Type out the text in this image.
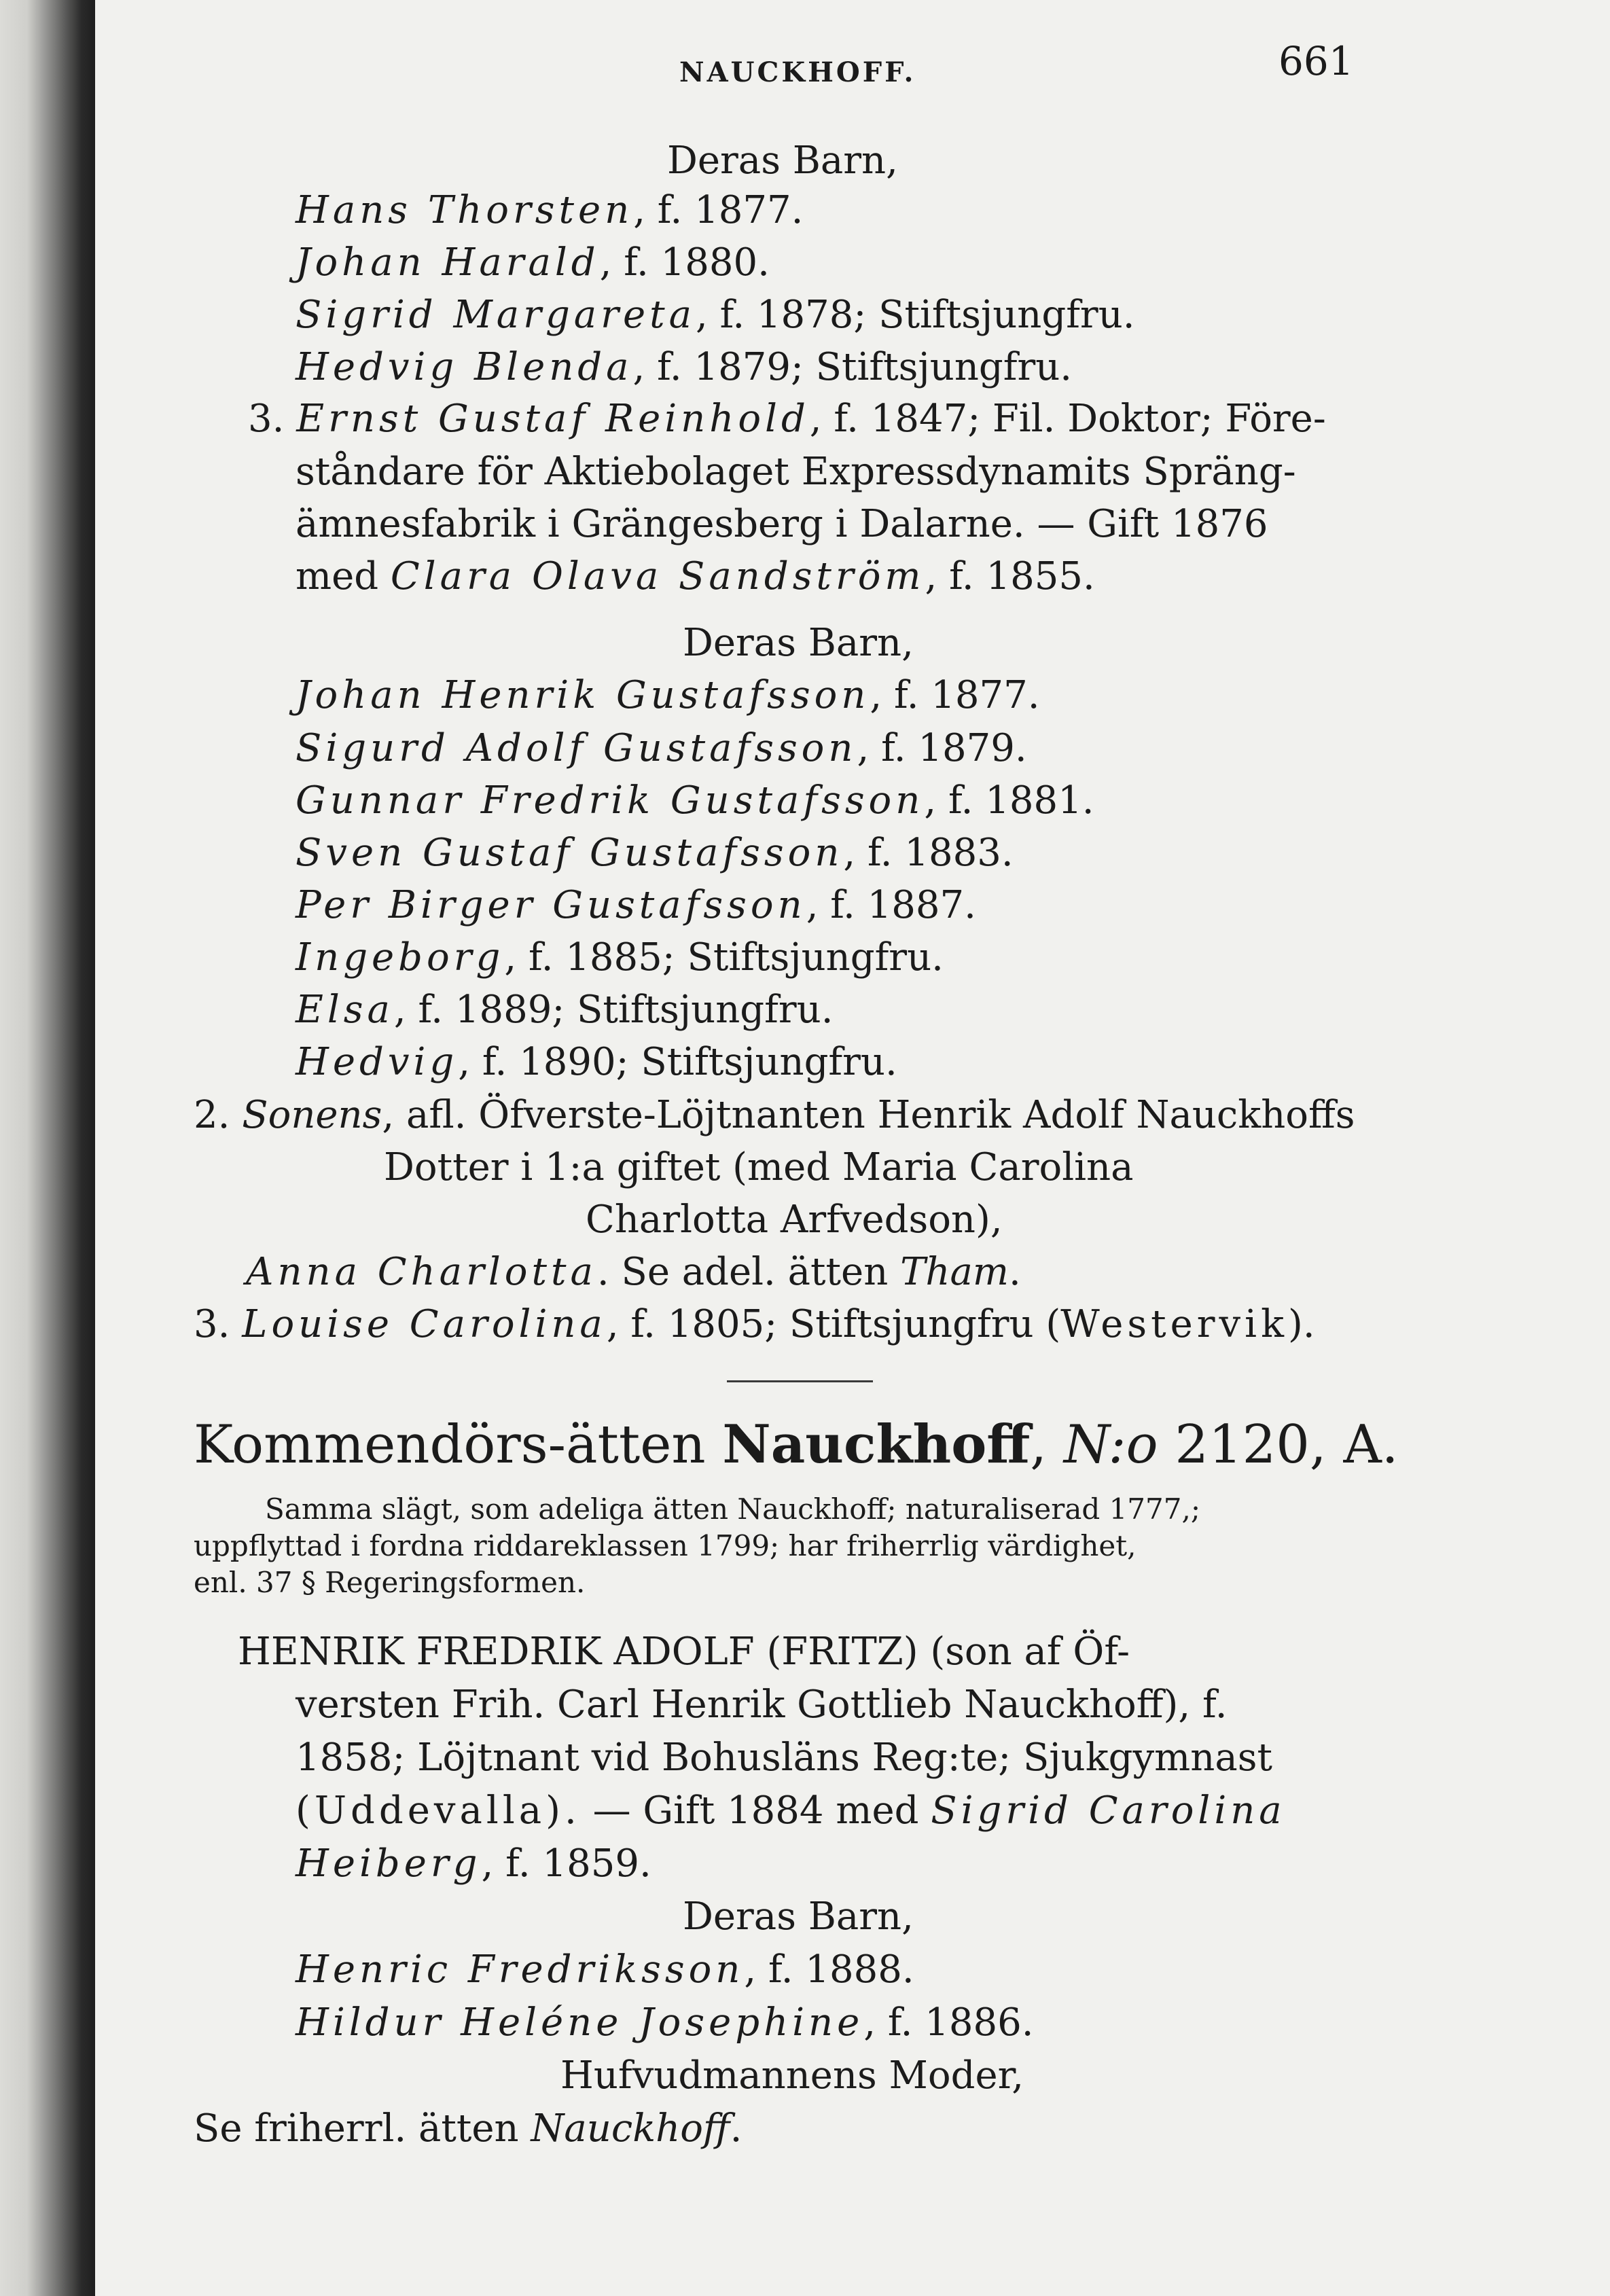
NAUCKHOFF.	661
Deras Barn,
Hans Thorsten, f. 1877.
Johan Harald, f. 1880.
Sigrid Margareta, f. 1878; Stiftsjungfru.
Hedvig Blenda, f. 1879; Stiftsjungfru.
3. Ernst Gustaf Reinhold, f. 1847; Fil. Doktor; Före-
ståndare för Aktiebolaget Expressdynamits Spräng-
ämnesfabrik i Grängesberg i Dalarne. — Gift 1876
med Clara Olava Sandström, f. 1855.
Deras Barn,
Johan Henrik Gustafsson, f. 1877.
Sigurd Adolf Gustafsson, f. 1879.
Gunnar Fredrik Gustafsson, f. 1881.
Sven Gustaf Gustafsson, f. 1883.
Per Birger Gustafsson, f. 1887.
Ingeborg, f. 1885; Stiftsjungfru.
Elsa, f. 1889; Stiftsjungfru.
Hedvig, f. 1890; Stiftsjungfru.
2. Sonens, afl. Öfverste-Löjtnanten Henrik Adolf Nauckhoffs
Dotter i 1:a giftet (med Maria Carolina
Charlotta Arfvedson),
Anna Charlotta. Se adel. ätten Tham.
3. Louise Carolina, f. 1805; Stiftsjungfru (Westervik).
Kommendörs-ätten Nauckhoff, N:o 2120, A.
Samma slägt, som adeliga ätten Nauckhoff; naturaliserad 1777,;
uppflyttad i fordna riddareklassen 1799; har friherrlig värdighet,
enl. 37 § Regeringsformen.
HENRIK FREDRIK ADOLF (FRITZ) (son af Öf-
versten Frih. Carl Henrik Gottlieb Nauckhoff), f.
1858; Löjtnant vid Bohusläns Reg:te; Sjukgymnast
(Uddevalla). — Gift 1884 med Sigrid Carolina
Heiberg, f. 1859.
Deras Barn,
Henric Fredriksson, f. 1888.
Hildur Heléne Josephine, f. 1886.
Hufvudmannens Moder,
Se friherrl. ätten Nauckhoff.
